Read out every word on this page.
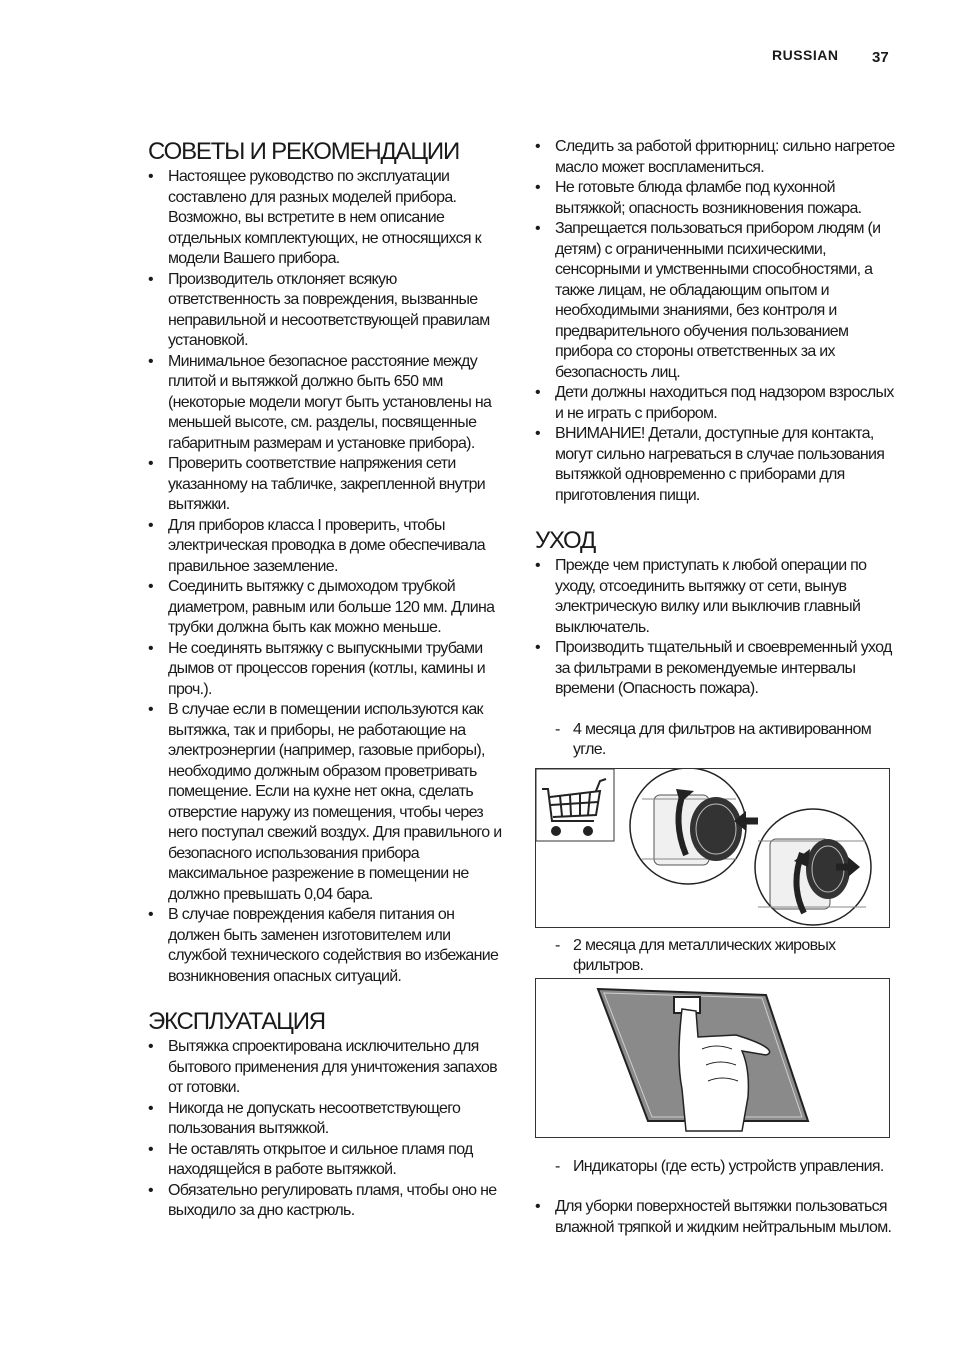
RUSSIAN 37
СОВЕТЫ И РЕКОМЕНДАЦИИ
• Настоящее руководство по эксплуатации составлено для разных моделей прибора. Возможно, вы встретите в нем описание отдельных комплектующих, не относящихся к модели Вашего прибора.
• Производитель отклоняет всякую ответственность за повреждения, вызванные неправильной и несоответствующей правилам установкой.
• Минимальное безопасное расстояние между плитой и вытяжкой должно быть 650 мм (некоторые модели могут быть установлены на меньшей высоте, см. разделы, посвященные габаритным размерам и установке прибора).
• Проверить соответствие напряжения сети указанному на табличке, закрепленной внутри вытяжки.
• Для приборов класса I проверить, чтобы электрическая проводка в доме обеспечивала правильное заземление.
• Соединить вытяжку с дымоходом трубкой диаметром, равным или больше 120 мм. Длина трубки должна быть как можно меньше.
• Не соединять вытяжку с выпускными трубами дымов от процессов горения (котлы, камины и проч.).
• В случае если в помещении используются как вытяжка, так и приборы, не работающие на электроэнергии (например, газовые приборы), необходимо должным образом проветривать помещение. Если на кухне нет окна, сделать отверстие наружу из помещения, чтобы через него поступал свежий воздух. Для правильного и безопасного использования прибора максимальное разрежение в помещении не должно превышать 0,04 бара.
• В случае повреждения кабеля питания он должен быть заменен изготовителем или службой технического содействия во избежание возникновения опасных ситуаций.
ЭКСПЛУАТАЦИЯ
• Вытяжка спроектирована исключительно для бытового применения для уничтожения запахов от готовки.
• Никогда не допускать несоответствующего пользования вытяжкой.
• Не оставлять открытое и сильное пламя под находящейся в работе вытяжкой.
• Обязательно регулировать пламя, чтобы оно не выходило за дно кастрюль.
• Следить за работой фритюрниц: сильно нагретое масло может воспламениться.
• Не готовьте блюда фламбе под кухонной вытяжкой; опасность возникновения пожара.
• Запрещается пользоваться прибором людям (и детям) с ограниченными психическими, сенсорными и умственными способностями, а также лицам, не обладающим опытом и необходимыми знаниями, без контроля и предварительного обучения пользованием прибора со стороны ответственных за их безопасность лиц.
• Дети должны находиться под надзором взрослых и не играть с прибором.
• ВНИМАНИЕ! Детали, доступные для контакта, могут сильно нагреваться в случае пользования вытяжкой одновременно с приборами для приготовления пищи.
УХОД
• Прежде чем приступать к любой операции по уходу, отсоединить вытяжку от сети, вынув электрическую вилку или выключив главный выключатель.
• Производить тщательный и своевременный уход за фильтрами в рекомендуемые интервалы времени (Опасность пожара).
- 4 месяца для фильтров на активированном угле.
- 2 месяца для металлических жировых фильтров.
- Индикаторы (где есть) устройств управления.
• Для уборки поверхностей вытяжки пользоваться влажной тряпкой и жидким нейтральным мылом.
